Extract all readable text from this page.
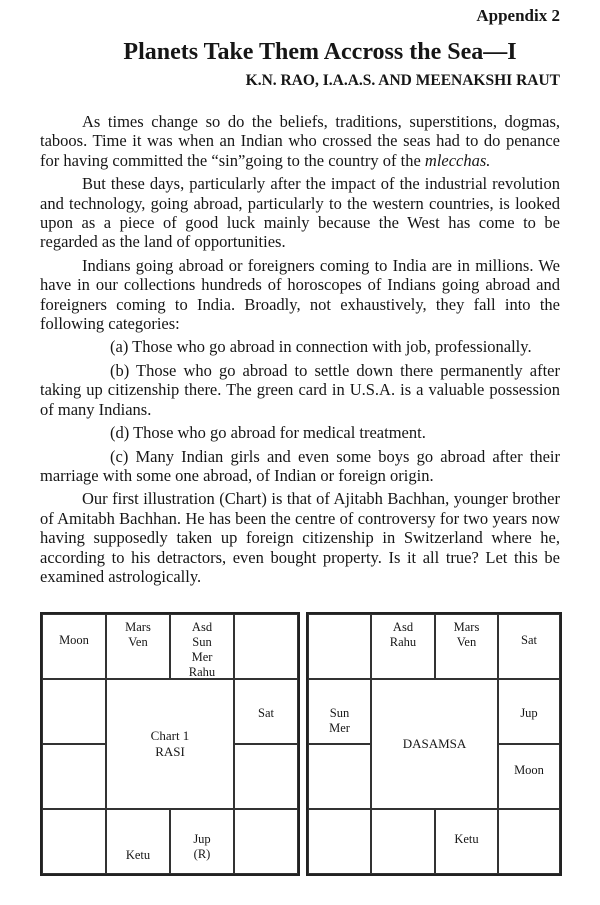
Appendix 2
Planets Take Them Accross the Sea—I
K.N. RAO, I.A.A.S. AND MEENAKSHI RAUT

As times change so do the beliefs, traditions, superstitions, dogmas, taboos. Time it was when an Indian who crossed the seas had to do penance for having committed the “sin”going to the country of the mlecchas.

But these days, particularly after the impact of the industrial revolution and technology, going abroad, particularly to the western countries, is looked upon as a piece of good luck mainly because the West has come to be regarded as the land of opportunities.

Indians going abroad or foreigners coming to India are in millions. We have in our collections hundreds of horoscopes of Indians going abroad and foreigners coming to India. Broadly, not exhaustively, they fall into the following categories:

(a) Those who go abroad in connection with job, professionally.

(b) Those who go abroad to settle down there permanently after taking up citizenship there. The green card in U.S.A. is a valuable possession of many Indians.

(d) Those who go abroad for medical treatment.

(c) Many Indian girls and even some boys go abroad after their marriage with some one abroad, of Indian or foreign origin.

Our first illustration (Chart) is that of Ajitabh Bachhan, younger brother of Amitabh Bachhan. He has been the centre of controversy for two years now having supposedly taken up foreign citizenship in Switzerland where he, according to his detractors, even bought property. Is it all true? Let this be examined astrologically.

Moon
Mars
Ven
Asd
Sun
Mer
Rahu
Chart 1
RASI
Sat
Ketu
Jup
(R)
Asd
Rahu
Mars
Ven	Sat
Sun
Mer
DASAMSA
Jup
Moon
Ketu
